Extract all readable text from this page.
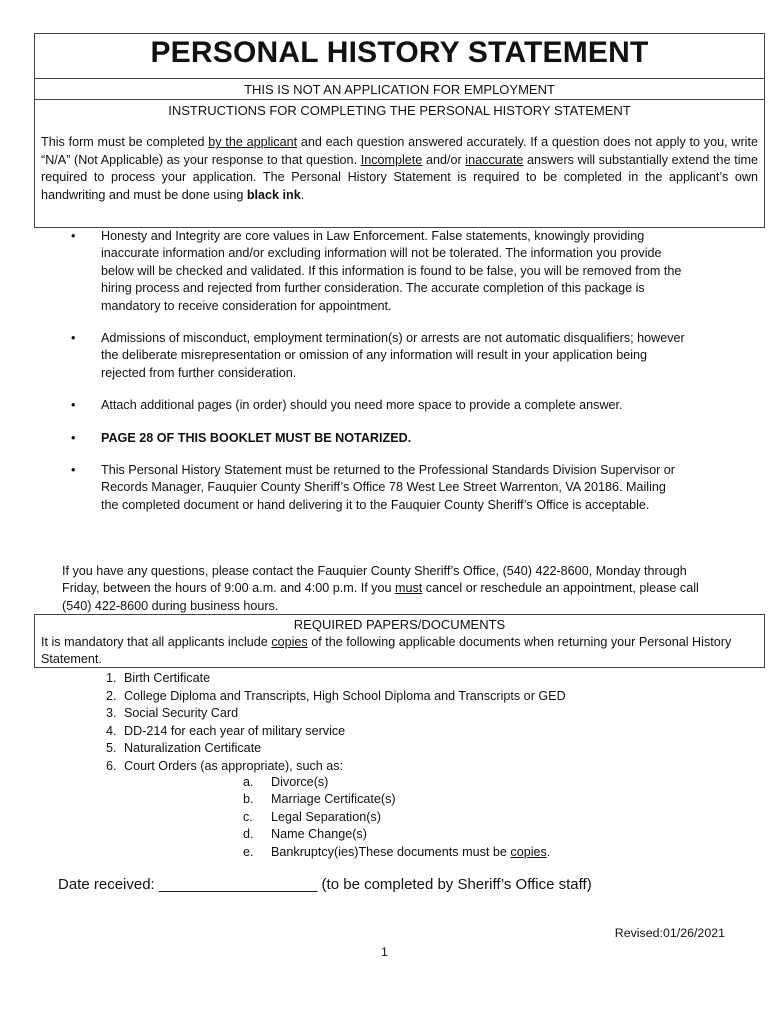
PERSONAL HISTORY STATEMENT
THIS IS NOT AN APPLICATION FOR EMPLOYMENT
INSTRUCTIONS FOR COMPLETING THE PERSONAL HISTORY STATEMENT
This form must be completed by the applicant and each question answered accurately. If a question does not apply to you, write “N/A” (Not Applicable) as your response to that question. Incomplete and/or inaccurate answers will substantially extend the time required to process your application. The Personal History Statement is required to be completed in the applicant’s own handwriting and must be done using black ink.
• Honesty and Integrity are core values in Law Enforcement. False statements, knowingly providing inaccurate information and/or excluding information will not be tolerated. The information you provide below will be checked and validated. If this information is found to be false, you will be removed from the hiring process and rejected from further consideration. The accurate completion of this package is mandatory to receive consideration for appointment.
• Admissions of misconduct, employment termination(s) or arrests are not automatic disqualifiers; however the deliberate misrepresentation or omission of any information will result in your application being rejected from further consideration.
• Attach additional pages (in order) should you need more space to provide a complete answer.
• PAGE 28 OF THIS BOOKLET MUST BE NOTARIZED.
• This Personal History Statement must be returned to the Professional Standards Division Supervisor or Records Manager, Fauquier County Sheriff’s Office 78 West Lee Street Warrenton, VA 20186. Mailing the completed document or hand delivering it to the Fauquier County Sheriff’s Office is acceptable.
If you have any questions, please contact the Fauquier County Sheriff’s Office, (540) 422-8600, Monday through Friday, between the hours of 9:00 a.m. and 4:00 p.m. If you must cancel or reschedule an appointment, please call (540) 422-8600 during business hours.
REQUIRED PAPERS/DOCUMENTS
It is mandatory that all applicants include copies of the following applicable documents when returning your Personal History Statement.
1. Birth Certificate
2. College Diploma and Transcripts, High School Diploma and Transcripts or GED
3. Social Security Card
4. DD-214 for each year of military service
5. Naturalization Certificate
6. Court Orders (as appropriate), such as:
a. Divorce(s)
b. Marriage Certificate(s)
c. Legal Separation(s)
d. Name Change(s)
e. Bankruptcy(ies)These documents must be copies.
Date received: ___________________ (to be completed by Sheriff’s Office staff)
Revised:01/26/2021
1
